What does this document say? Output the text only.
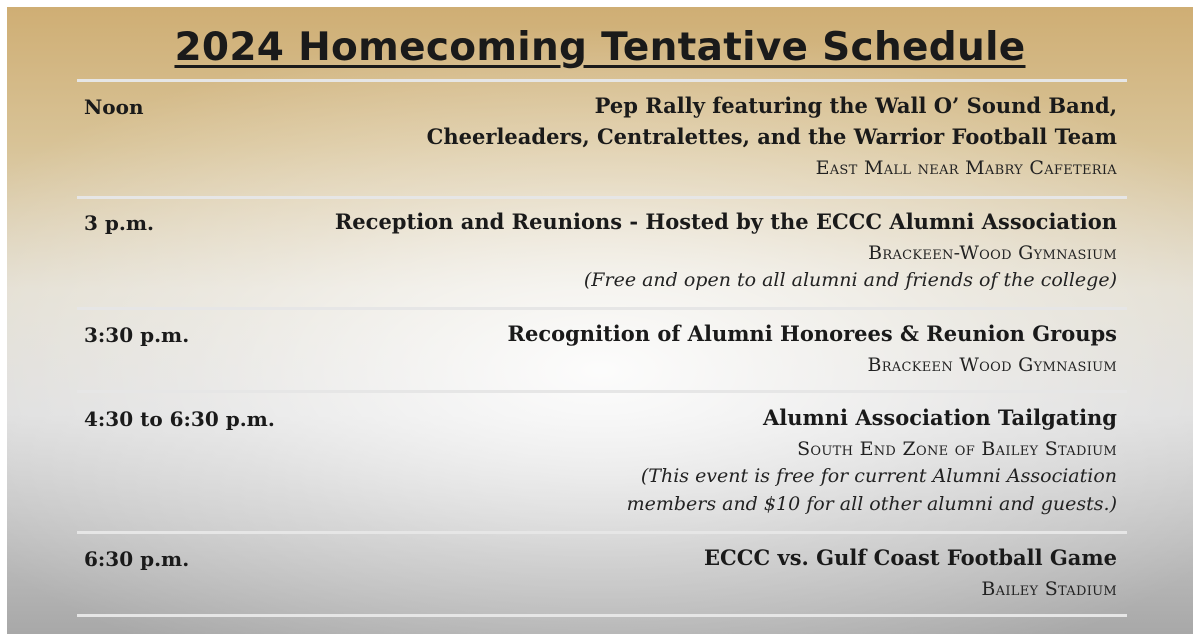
2024 Homecoming Tentative Schedule
Noon	Pep Rally featuring the Wall O’ Sound Band,
Cheerleaders, Centralettes, and the Warrior Football Team
East Mall near Mabry Cafeteria
3 p.m.	Reception and Reunions - Hosted by the ECCC Alumni Association
Brackeen-Wood Gymnasium
(Free and open to all alumni and friends of the college)
3:30 p.m.	Recognition of Alumni Honorees & Reunion Groups
Brackeen Wood Gymnasium
4:30 to 6:30 p.m.	Alumni Association Tailgating
South End Zone of Bailey Stadium
(This event is free for current Alumni Association
members and $10 for all other alumni and guests.)
6:30 p.m.	ECCC vs. Gulf Coast Football Game
Bailey Stadium
